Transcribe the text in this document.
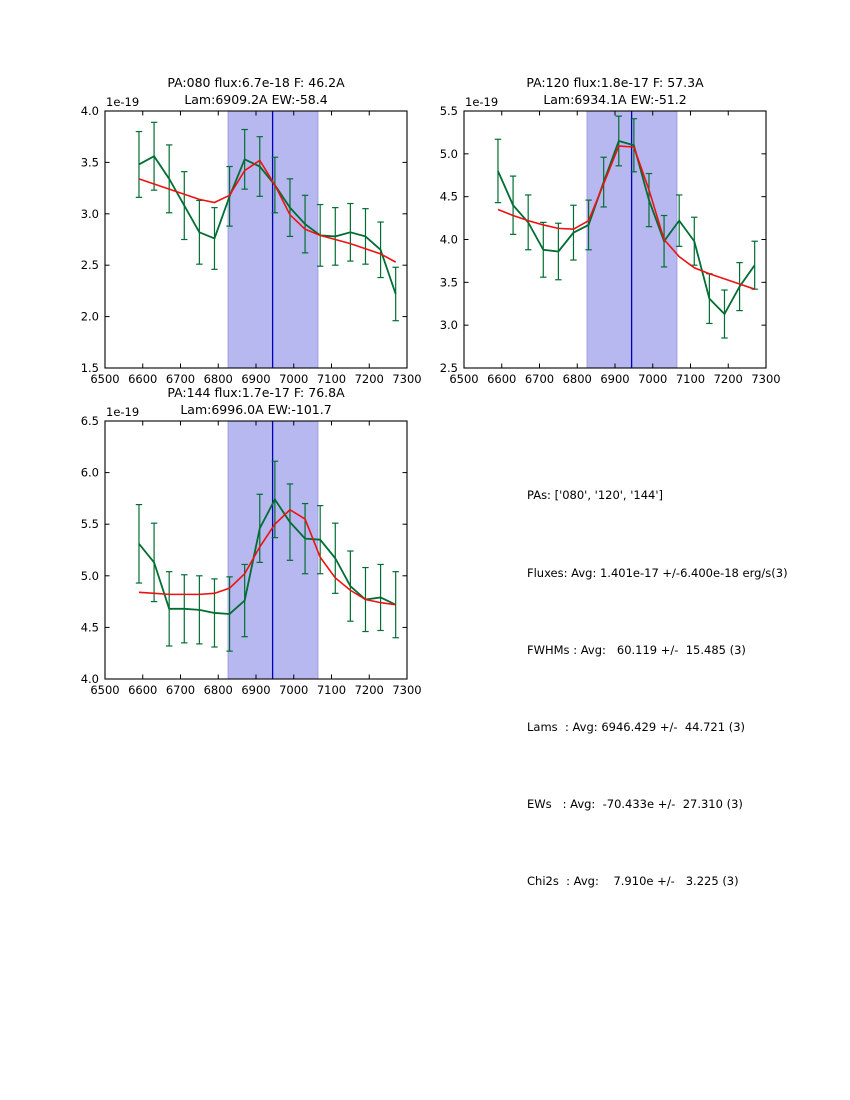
6500 6600 6700 6800 6900 7000 7100 7200 7300
1.5
2.0
2.5
3.0
3.5
4.0
1e-19
PA:080 flux:6.7e-18 F: 46.2A
Lam:6909.2A EW:-58.4
6500 6600 6700 6800 6900 7000 7100 7200 7300
2.5
3.0
3.5
4.0
4.5
5.0
5.5
1e-19
PA:120 flux:1.8e-17 F: 57.3A
Lam:6934.1A EW:-51.2
6500 6600 6700 6800 6900 7000 7100 7200 7300
4.0
4.5
5.0
5.5
6.0
6.5
1e-19
PA:144 flux:1.7e-17 F: 76.8A
Lam:6996.0A EW:-101.7

PAs: ['080', '120', '144']

Fluxes: Avg: 1.401e-17 +/-6.400e-18 erg/s(3)

FWHMs : Avg:   60.119 +/-  15.485 (3)

Lams  : Avg: 6946.429 +/-  44.721 (3)

EWs   : Avg:  -70.433e +/-  27.310 (3)

Chi2s  : Avg:    7.910e +/-   3.225 (3)
